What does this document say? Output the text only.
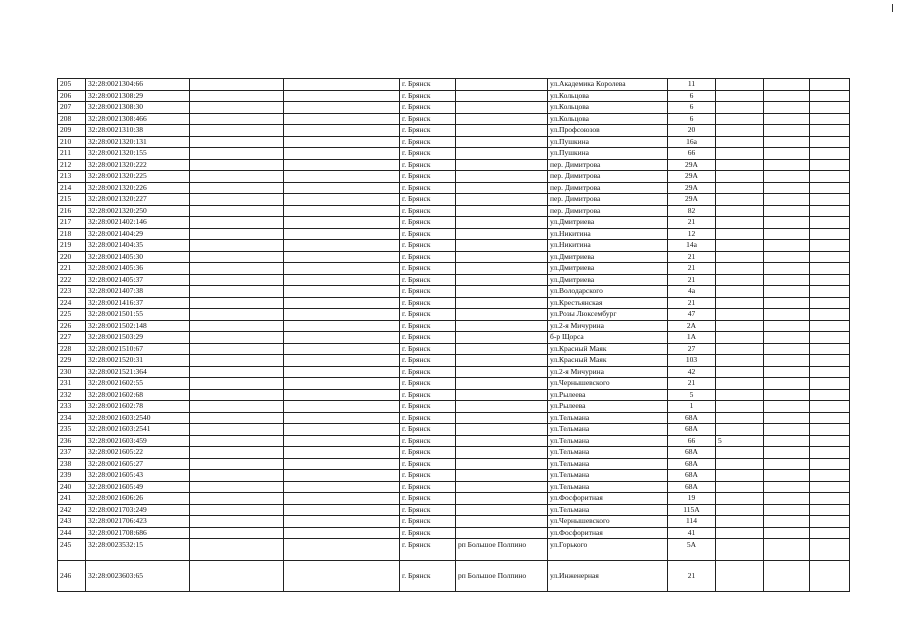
205	32:28:0021304:66			г. Брянск		ул.Академика Королева	11			
206	32:28:0021308:29			г. Брянск		ул.Кольцова	6			
207	32:28:0021308:30			г. Брянск		ул.Кольцова	6			
208	32:28:0021308:466			г. Брянск		ул.Кольцова	6			
209	32:28:0021310:38			г. Брянск		ул.Профсоюзов	20			
210	32:28:0021320:131			г. Брянск		ул.Пушкина	16а			
211	32:28:0021320:155			г. Брянск		ул.Пушкина	66			
212	32:28:0021320:222			г. Брянск		пер. Димитрова	29А			
213	32:28:0021320:225			г. Брянск		пер. Димитрова	29А			
214	32:28:0021320:226			г. Брянск		пер. Димитрова	29А			
215	32:28:0021320:227			г. Брянск		пер. Димитрова	29А			
216	32:28:0021320:250			г. Брянск		пер. Димитрова	82			
217	32:28:0021402:146			г. Брянск		ул.Дмитриева	21			
218	32:28:0021404:29			г. Брянск		ул.Никитина	12			
219	32:28:0021404:35			г. Брянск		ул.Никитина	14а			
220	32:28:0021405:30			г. Брянск		ул.Дмитриева	21			
221	32:28:0021405:36			г. Брянск		ул.Дмитриева	21			
222	32:28:0021405:37			г. Брянск		ул.Дмитриева	21			
223	32:28:0021407:38			г. Брянск		ул.Володарского	4а			
224	32:28:0021416:37			г. Брянск		ул.Крестьянская	21			
225	32:28:0021501:55			г. Брянск		ул.Розы Люксембург	47			
226	32:28:0021502:148			г. Брянск		ул.2-я Мичурина	2А			
227	32:28:0021503:29			г. Брянск		б-р Щорса	1А			
228	32:28:0021510:67			г. Брянск		ул.Красный Маяк	27			
229	32:28:0021520:31			г. Брянск		ул.Красный Маяк	103			
230	32:28:0021521:364			г. Брянск		ул.2-я Мичурина	42			
231	32:28:0021602:55			г. Брянск		ул.Чернышевского	21			
232	32:28:0021602:68			г. Брянск		ул.Рылеева	5			
233	32:28:0021602:78			г. Брянск		ул.Рылеева	1			
234	32:28:0021603:2540			г. Брянск		ул.Тельмана	68А			
235	32:28:0021603:2541			г. Брянск		ул.Тельмана	68А			
236	32:28:0021603:459			г. Брянск		ул.Тельмана	66	5		
237	32:28:0021605:22			г. Брянск		ул.Тельмана	68А			
238	32:28:0021605:27			г. Брянск		ул.Тельмана	68А			
239	32:28:0021605:43			г. Брянск		ул.Тельмана	68А			
240	32:28:0021605:49			г. Брянск		ул.Тельмана	68А			
241	32:28:0021606:26			г. Брянск		ул.Фосфоритная	19			
242	32:28:0021703:249			г. Брянск		ул.Тельмана	115А			
243	32:28:0021706:423			г. Брянск		ул.Чернышевского	114			
244	32:28:0021708:686			г. Брянск		ул.Фосфоритная	41			
245	32:28:0023532:15			г. Брянск	рп Большое Полпино	ул.Горького	5А			
246	32:28:0023603:65			г. Брянск	рп Большое Полпино	ул.Инженерная	21			
